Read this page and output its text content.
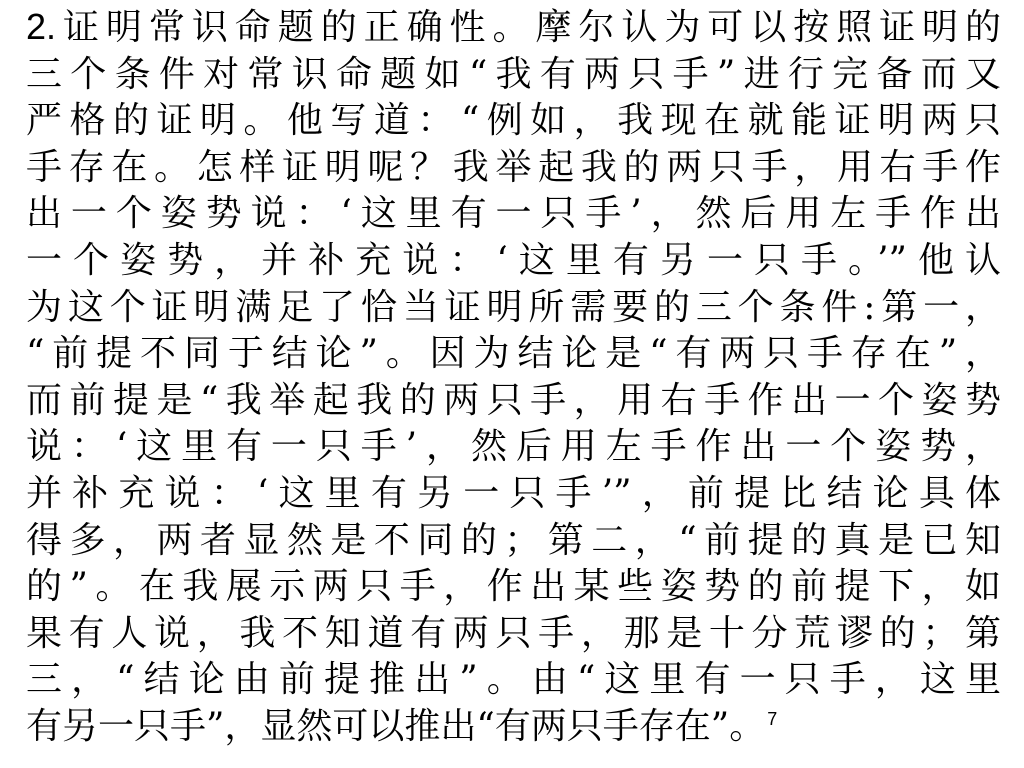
2.证明常识命题的正确性。摩尔认为可以按照证明的
三个条件对常识命题如“我有两只手”进行完备而又
严格的证明。他写道：“例如，我现在就能证明两只
手存在。怎样证明呢？我举起我的两只手，用右手作
出一个姿势说：‘这里有一只手’，然后用左手作出
一个姿势，并补充说：‘这里有另一只手。’”他认
为这个证明满足了恰当证明所需要的三个条件:第一，
“前提不同于结论”。因为结论是“有两只手存在”，
而前提是“我举起我的两只手，用右手作出一个姿势
说：‘这里有一只手’，然后用左手作出一个姿势，
并补充说：‘这里有另一只手’”，前提比结论具体
得多，两者显然是不同的；第二，“前提的真是已知
的”。在我展示两只手，作出某些姿势的前提下，如
果有人说，我不知道有两只手，那是十分荒谬的；第
三，“结论由前提推出”。由“这里有一只手，这里
有另一只手”，显然可以推出“有两只手存在”。 $^7$
